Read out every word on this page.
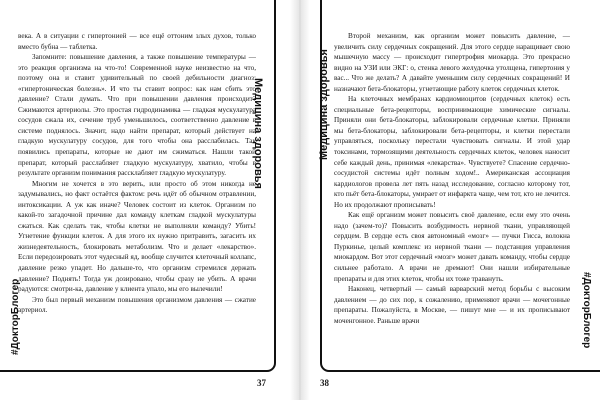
века. А в ситуации с гипертонией — все ещё оттоним злых духов, только вместо бубна — таблетка.

Запомните: повышение давления, а также повышение температуры — это реакция организма на что-то! Современной науке неизвестно на что, поэтому она и ставит удивительный по своей дебильности диагноз: «гипертоническая болезнь». И что ты ставит вопрос: как нам сбить это давление? Стали думать. Что при повышении давления происходит? Сжимаются артериолы. Это простая гидродинамика — гладкая мускулатура сосудов сжала их, сечение труб уменьшилось, соответственно давление в системе поднялось. Значит, надо найти препарат, который действует на гладкую мускулатуру сосудов, для того чтобы она расслабилась. Так появились препараты, которые не дают им сжиматься. Нашли такой препарат, который расслабляет гладкую мускулатуру, хватило, чтобы в результате организм понимания рассклабляет гладкую мускулатуру.

Многим не хочется в это верить, или просто об этом никогда не задумывались, но факт остаётся фактом: речь идёт об обычном отравлении, интоксикации. А уж как иначе? Человек состоит из клеток. Организм по какой-то загадочной причине дал команду клеткам гладкой мускулатуры сжаться. Как сделать так, чтобы клетки не выполняли команду? Убить! Угнетение функции клеток. А для этого их нужно притравить, загасить их жизнедеятельность, блокировать метаболизм. Что и делает «лекарство». Если передозировать этот чудесный яд, вообще случится клеточный коллапс, давление резко упадет. Но дальше-то, что организм стремился держать давление? Поднять! Тогда уж дозировано, чтобы сразу не убить. А врачи радуются: смотри-ка, давление у клиента упало, мы его вылечили!

Это был первый механизм повышения организмом давления — сжатие артериол.

Второй механизм, как организм может повысить давление, — увеличить силу сердечных сокращений. Для этого сердце наращивает свою мышечную массу — происходит гипертрофия миокарда. Это прекрасно видно на УЗИ или ЭКГ: о, стенка левого желудочка утолщена, гипертония у вас... Что же делать? А давайте уменьшим силу сердечных сокращений! И назначают бета-блокаторы, угнетающие работу клеток сердечных клеток.

На клеточных мембранах кардиомиоцитов (сердечных клеток) есть специальные бета-рецепторы, воспринимающие химические сигналы. Приняли они бета-блокаторы, заблокировали сердечные клетки. Приняли мы бета-блокаторы, заблокировали бета-рецепторы, и клетки перестали управляться, поскольку перестали чувствовать сигналы. И этой удар токсинами, тормозящими деятельность сердечных клеток, человек наносит себе каждый день, принимая «лекарства». Чувствуете? Спасение сердечно-сосудистой системы идёт полным ходом!.. Американская ассоциация кардиологов провела лет пять назад исследование, согласно которому тот, кто пьёт бета-блокаторы, умирает от инфаркта чаще, чем тот, кто не лечится. Но их продолжают прописывать!

Как ещё организм может повысить своё давление, если ему это очень надо (зачем-то)? Повысить возбудимость нервной ткани, управляющей сердцем. В сердце есть своя автономный «мозг» — пучки Гисса, волокна Пуркинье, целый комплекс из нервной ткани — подстанция управления миокардом. Вот этот сердечный «мозг» может давать команду, чтобы сердце сильнее работало. А врачи не дремают! Они нашли избирательные препараты и для этих клеток, чтобы их тоже травануть.

Наконец, четвертый — самый варварский метод борьбы с высоким давлением — до сих пор, к сожалению, применяют врачи — мочегонные препараты. Пожалуйста, в Москве, — пишут мне — и их прописывают моченгонное. Раньше врачи

Медицина здоровья
#ДокторБлогер
Медицина здоровья
#ДокторБлогер
37	38
